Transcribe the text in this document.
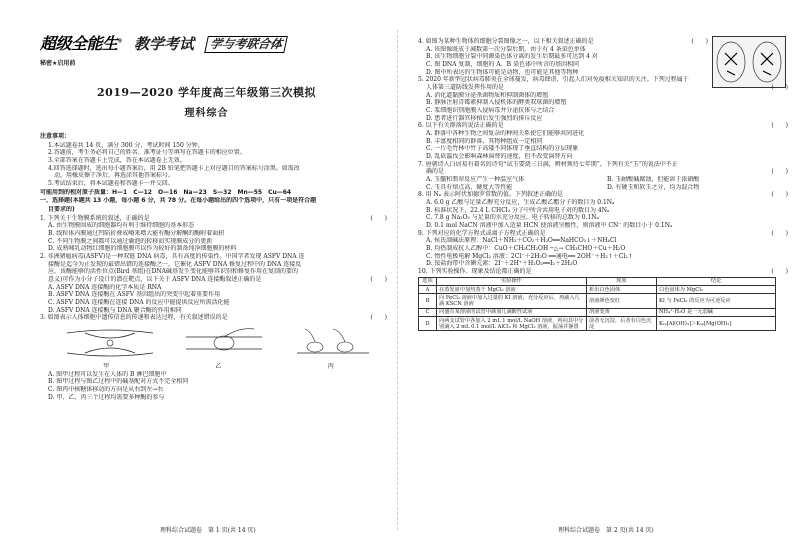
超级全能生® 教学考试	学与考联合体
秘密★启用前
2019—2020 学年度高三年级第三次模拟
理科综合
注意事项：
1.本试题卷共 14 页，满分 300 分，考试时间 150 分钟。
2.答题前，考生务必将自己的姓名、准考证号等填写在答题卡的相应位置。
3.全部答案在答题卡上完成，答在本试题卷上无效。
4.回答选择题时，选出每小题答案后，用 2B 铅笔把答题卡上对应题目的答案标号涂黑。如需改
动，用橡皮擦干净后，再选涂其他答案标号。
5.考试结束后，将本试题卷和答题卡一并交回。
可能用到的相对原子质量：H—1　C—12　O—16　Na—23　S—32　Mn—55　Cu—64
一、选择题(本题共 13 小题，每小题 6 分，共 78 分。在每小题给出的四个选项中，只有一项是符合题
目要求的)
1. 下列关于生物膜系统的叙述，正确的是	(　　)
A. 由生物膜围成的细胞器均有利于维持细胞的基本形态
B. 线粒体内膜通过凹陷折叠成嵴来增大能有酶分解酮的酶附着面积
C. 不同生物膜之间都可以通过囊泡的转移而实现膜成分的更新
D. 成熟哺乳动物红细胞的细胞膜可以作为较好的制备纯净细胞膜的材料
2. 非洲猪瘟病毒(ASFV)是一种双链 DNA 病毒，具有高度的传染性。中国学者发现 ASFV DNA 连
接酶是迄今为止发现的最错出错的连接酶之一，它催化 ASFV DNA 修复过程中的 DNA 连接反
应，该酶能够的活性位点(Bird 基组)在DNA碱基发生变化能够其识别和修复作用在复制的要的
意义)可作为小分子设计的潜在靶点，以下关于 ASFV DNA 连接酶叙述正确的是	(　　)
A. ASFV DNA 连接酶的化学本质是 RNA
B. ASFV DNA 连接酶在 ASFV 基因组出的突变中起着重要作用
C. ASFV DNA 连接酶在连接 DNA 的反应中能提供反应所需活化能
D. ASFV DNA 连接酶与 DNA 聚合酶的作用相同
3. 如图表示人体细胞中遗传信息的传递和表达过程，有关叙述错误的是	(　　)
甲	乙	丙
A. 图甲过程可以发生在人体的 B 淋巴细胞中
B. 图甲过程与图乙过程中的碱基配对方式不完全相同
C. 图丙中核糖体移动的方向是从右到左→右
D. 甲、乙、丙三个过程均需要多种酶的参与
理科综合试题卷　第 1 页(共 14 页)
4. 如图为某种生物体的细胞分裂图像之一，以下相关叙述正确的是	(　　)
A. 该图像既成于减数第一次分裂后期，由于有 4 条染色单体
B. 该生物细胞分裂中同源染色体分离的发生后期最多可达到 4 对
C. 图 DNA 复制，细胞的 A、B 染色体中所含的基因相同
D. 图中所表达的生物体可能是动物，也可能是其他等物种
5. 2020 年新型冠状病毒肺炎在全球蔓发，病毒肆虐，引起人们对免疫相关知识的关注。下列过程属于
人体第三道防线发挥作用的是	(　　)
A. 消化道黏膜分泌杀菌物质和抑制菌体的增殖
B. 静脉注射青霉素抑制入侵机体的酵类双球菌的增殖
C. 浆细胞识别胞膜入侵病毒并分泌抗体与之结合
D. 患者进行器官移植后发生强烈的排斥反应
6. 以下有关群落的说法正确的是	(　　)
A. 群落中各种生物之间复杂的种间关系使它们能够共同进化
B. 丰富度相同的群落，其物种组成一定相同
C. 一片毛竹林中竹子高矮不同体现了垂直结构的分层现象
D. 乱砍滥伐会影响森林演替的速度，但不改变演替方向
7. 唐朝诗人白居易有着名的诗句“试玉要烧三日满，辨材须待七年期”。下列有关“玉”的说法中不正
确的是	(　　)
A. 玉髓和翡翠反应产生一种温室气体	B. 玉耐酸碱腐蚀，但能溶于浓硝酸
C. 玉具有熔点高，硬度大等性能	D. 有硬玉和软玉之分，均为混合物
8. 用 Nₐ 表示阿伏加德罗常数的值。下列叙述正确的是	(　　)
A. 6.0 g 乙酸与足量乙醇充分反应，生成乙酸乙酯分子的数目为 0.1Nₐ
B. 标准状况下，22.4 L CHCl₃ 分子中所含共用电子对的数目为 4Nₐ
C. 7.8 g Na₂O₂ 与足量的水充分反应，电子转移的总数为 0.1Nₐ
D. 0.1 mol NaCN 溶液中加入适量 HCN 使溶液呈酸性，则溶液中 CN⁻ 的数目小于 0.1Nₐ
9. 下列对应的化学方程式或离子方程式正确的是	(　　)
A. 侯氏制碱法原理：NaCl＋NH₃＋CO₂＋H₂O══NaHCO₃↓＋NH₄Cl
B. 均热制成抗人乙醇中：CuO＋CH₃CH₂OH ─△→ CH₃CHO＋Cu＋H₂O
C. 惰性电极电解 MgCl₂ 溶液：2Cl⁻＋2H₂O ══通电══ 2OH⁻＋H₂↑＋Cl₂↑
D. 铵盐海带中含碘元素：2I⁻＋2H⁺＋H₂O₂══I₂＋2H₂O
10. 下列实验操作、现象及结论都正确的是	(　　)
选项	实验操作	现象	结论
A	在蒸发皿中加热蒸干 MgCl₂ 溶液	析出白色固体	白色固体为 MgCl₂
B	向 FeCl₂ 溶液中加入过量的 KI 溶液，充分反应后，再滴入几滴 KSCN 溶液	溶液颜色变红	KI 与 FeCl₃ 的反应为可逆反应
C	向盛有某溶液的试管中滴加几滴酸性试液	溶液变黄	NH₄⁺·H₂O 是一元弱碱
D	向两支试管中各加入 2 mL 1 mol/L NaOH 溶液，再向其中分别滴入 2 mL 0.1 mol/L AlCl₃ 和 MgCl₂ 溶液，振荡并静置	前者无沉淀，后者有白色沉淀	Kₛₚ[Al(OH)₃]＞Kₛₚ[Mg(OH)₂]
理科综合试题卷　第 2 页(共 14 页)
